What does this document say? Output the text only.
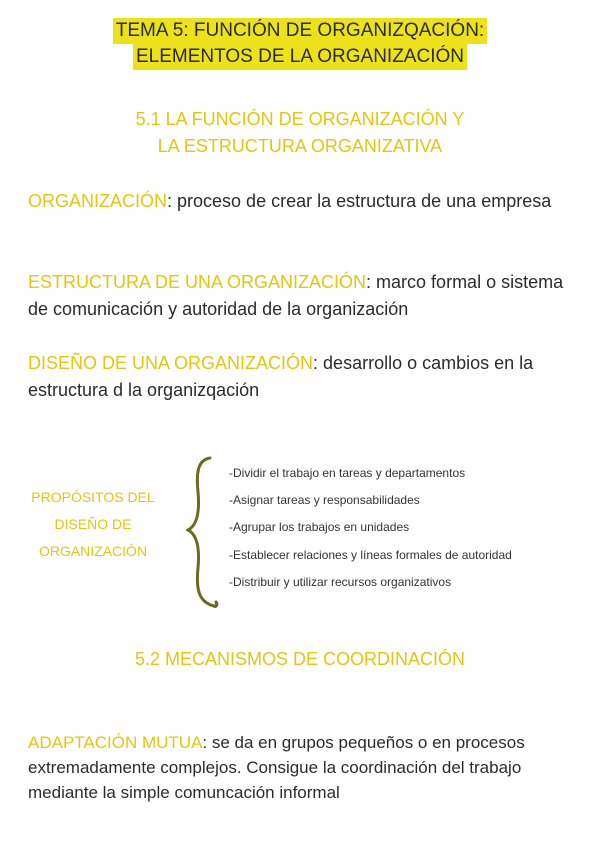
TEMA 5: FUNCIÓN DE ORGANIZQACIÓN:
ELEMENTOS DE LA ORGANIZACIÓN
5.1 LA FUNCIÓN DE ORGANIZACIÓN Y
LA ESTRUCTURA ORGANIZATIVA
ORGANIZACIÓN: proceso de crear la estructura de una empresa
ESTRUCTURA DE UNA ORGANIZACIÓN: marco formal o sistema de comunicación y autoridad de la organización
DISEÑO DE UNA ORGANIZACIÓN: desarrollo o cambios en la estructura d la organizqación
PROPÓSITOS DEL
DISEÑO DE
ORGANIZACIÓN
-Dividir el trabajo en tareas y departamentos
-Asignar tareas y responsabilidades
-Agrupar los trabajos en unidades
-Establecer relaciones y líneas formales de autoridad
-Distribuir y utilizar recursos organizativos
5.2 MECANISMOS DE COORDINACIÓN
ADAPTACIÓN MUTUA: se da en grupos pequeños o en procesos extremadamente complejos. Consigue la coordinación del trabajo mediante la simple comuncación informal
